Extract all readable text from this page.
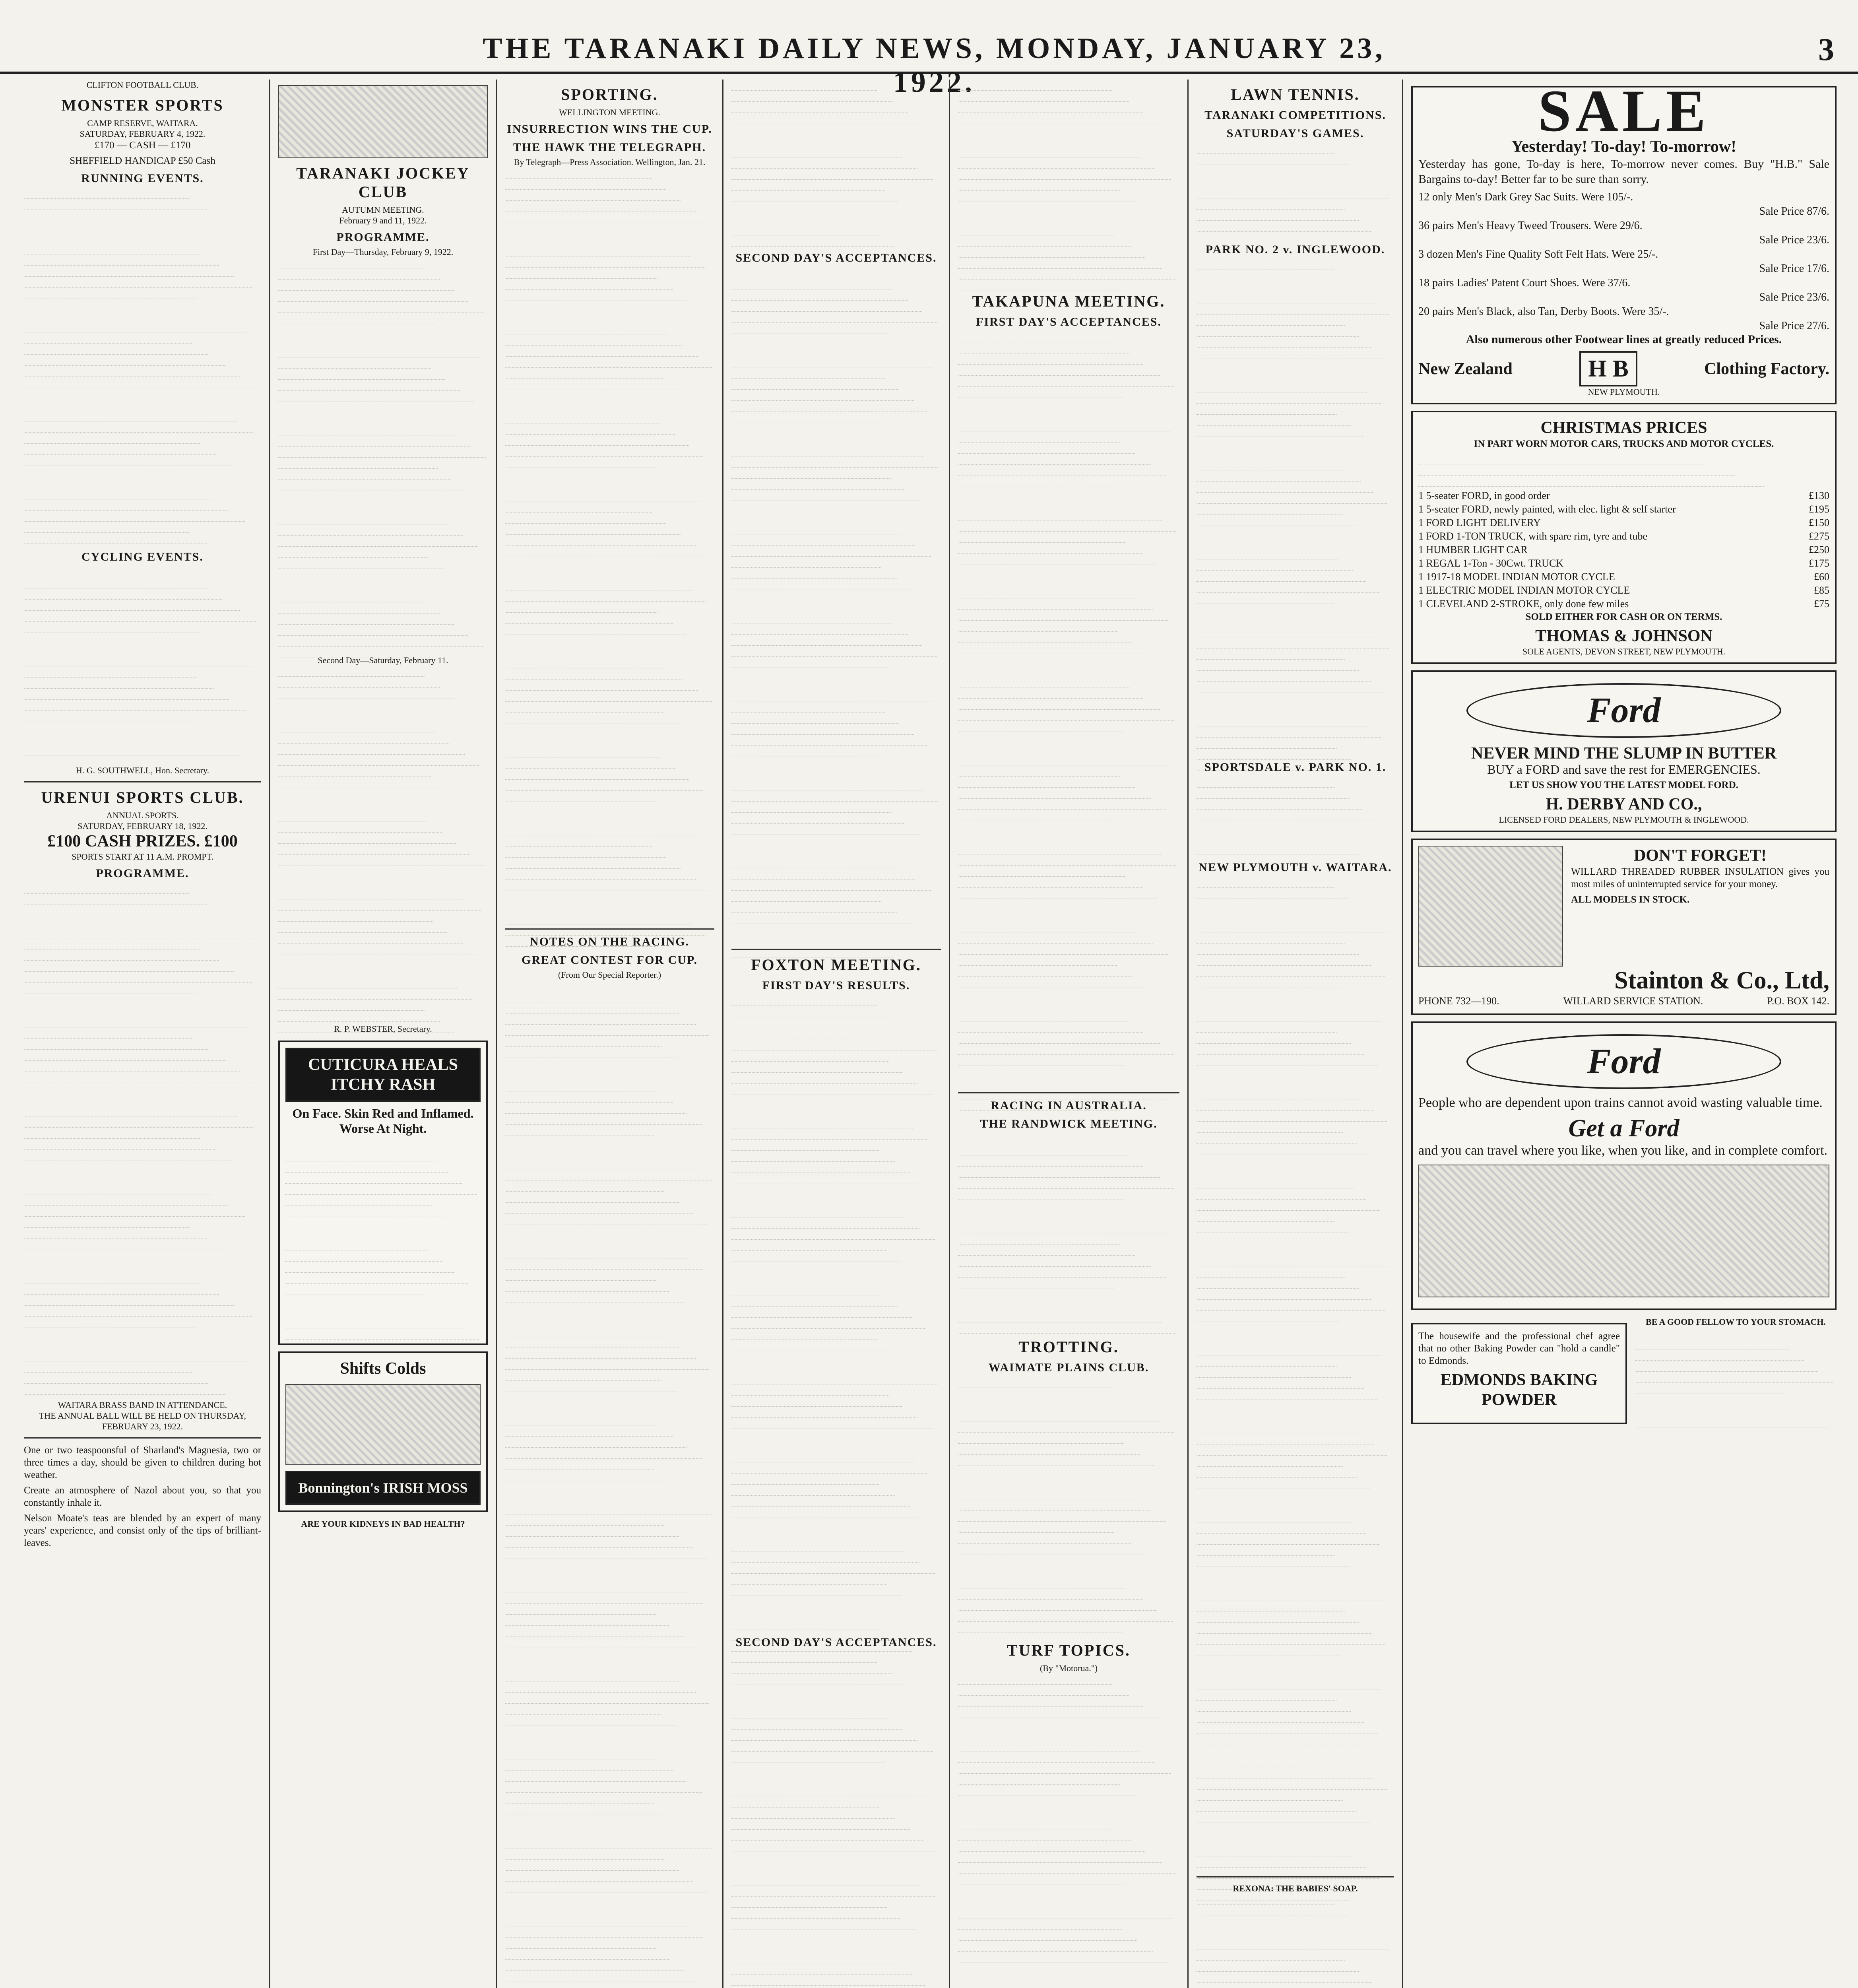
THE TARANAKI DAILY NEWS, MONDAY, JANUARY 23, 1922.
3
CLIFTON FOOTBALL CLUB.
MONSTER SPORTS
CAMP RESERVE, WAITARA.
SATURDAY, FEBRUARY 4, 1922.
£170 — CASH — £170
SHEFFIELD HANDICAP £50 Cash
RUNNING EVENTS.
CYCLING EVENTS.
H. G. SOUTHWELL, Hon. Secretary.
URENUI SPORTS CLUB.
ANNUAL SPORTS.
SATURDAY, FEBRUARY 18, 1922.
£100 CASH PRIZES. £100
SPORTS START AT 11 A.M. PROMPT.
PROGRAMME.
WAITARA BRASS BAND IN ATTENDANCE.
THE ANNUAL BALL WILL BE HELD ON THURSDAY, FEBRUARY 23, 1922.

One or two teaspoonsful of Sharland's Magnesia, two or three times a day, should be given to children during hot weather.

Create an atmosphere of Nazol about you, so that you constantly inhale it.

Nelson Moate's teas are blended by an expert of many years' experience, and consist only of the tips of brilliant-leaves.

TARANAKI JOCKEY CLUB
AUTUMN MEETING.
February 9 and 11, 1922.
PROGRAMME.
First Day—Thursday, February 9, 1922.
Second Day—Saturday, February 11.
R. P. WEBSTER, Secretary.
CUTICURA HEALS ITCHY RASH
On Face. Skin Red and Inflamed. Worse At Night.
Shifts Colds
Bonnington's IRISH MOSS
ARE YOUR KIDNEYS IN BAD HEALTH?
SPORTING.
WELLINGTON MEETING.
INSURRECTION WINS THE CUP.
THE HAWK THE TELEGRAPH.
By Telegraph—Press Association. Wellington, Jan. 21.
NOTES ON THE RACING.
GREAT CONTEST FOR CUP.
(From Our Special Reporter.)
SECOND DAY'S ACCEPTANCES.
FOXTON MEETING.
FIRST DAY'S RESULTS.
SECOND DAY'S ACCEPTANCES.
TAKAPUNA MEETING.
FIRST DAY'S ACCEPTANCES.
RACING IN AUSTRALIA.
THE RANDWICK MEETING.
TROTTING.
WAIMATE PLAINS CLUB.
TURF TOPICS.
(By "Motorua.")
LAWN TENNIS.
TARANAKI COMPETITIONS.
SATURDAY'S GAMES.
PARK NO. 2 v. INGLEWOOD.
SPORTSDALE v. PARK NO. 1.
NEW PLYMOUTH v. WAITARA.
REXONA: THE BABIES' SOAP.
SALE
Yesterday! To-day! To-morrow!

Yesterday has gone, To-day is here, To-morrow never comes. Buy "H.B." Sale Bargains to-day! Better far to be sure than sorry.

12 only Men's Dark Grey Sac Suits. Were 105/-.
Sale Price 87/6.
36 pairs Men's Heavy Tweed Trousers. Were 29/6.
Sale Price 23/6.
3 dozen Men's Fine Quality Soft Felt Hats. Were 25/-.
Sale Price 17/6.
18 pairs Ladies' Patent Court Shoes. Were 37/6.
Sale Price 23/6.
20 pairs Men's Black, also Tan, Derby Boots. Were 35/-.
Sale Price 27/6.
Also numerous other Footwear lines at greatly reduced Prices.
New Zealand	H B	Clothing Factory.
NEW PLYMOUTH.
CHRISTMAS PRICES
IN PART WORN MOTOR CARS, TRUCKS AND MOTOR CYCLES.
1 5-seater FORD, in good order	£130
1 5-seater FORD, newly painted, with elec. light & self starter	£195
1 FORD LIGHT DELIVERY	£150
1 FORD 1-TON TRUCK, with spare rim, tyre and tube	£275
1 HUMBER LIGHT CAR	£250
1 REGAL 1-Ton - 30Cwt. TRUCK	£175
1 1917-18 MODEL INDIAN MOTOR CYCLE	£60
1 ELECTRIC MODEL INDIAN MOTOR CYCLE	£85
1 CLEVELAND 2-STROKE, only done few miles	£75
SOLD EITHER FOR CASH OR ON TERMS.
THOMAS & JOHNSON
SOLE AGENTS, DEVON STREET, NEW PLYMOUTH.
Ford
NEVER MIND THE SLUMP IN BUTTER
BUY a FORD and save the rest for EMERGENCIES.
LET US SHOW YOU THE LATEST MODEL FORD.
H. DERBY AND CO.,
LICENSED FORD DEALERS, NEW PLYMOUTH & INGLEWOOD.
DON'T FORGET!

WILLARD THREADED RUBBER INSULATION gives you most miles of uninterrupted service for your money.

ALL MODELS IN STOCK.
Stainton & Co., Ltd,
PHONE 732—190.	WILLARD SERVICE STATION.	P.O. BOX 142.
Ford

People who are dependent upon trains cannot avoid wasting valuable time.

Get a Ford

and you can travel where you like, when you like, and in complete comfort.

The housewife and the professional chef agree that no other Baking Powder can "hold a candle" to Edmonds.

EDMONDS BAKING POWDER
BE A GOOD FELLOW TO YOUR STOMACH.
